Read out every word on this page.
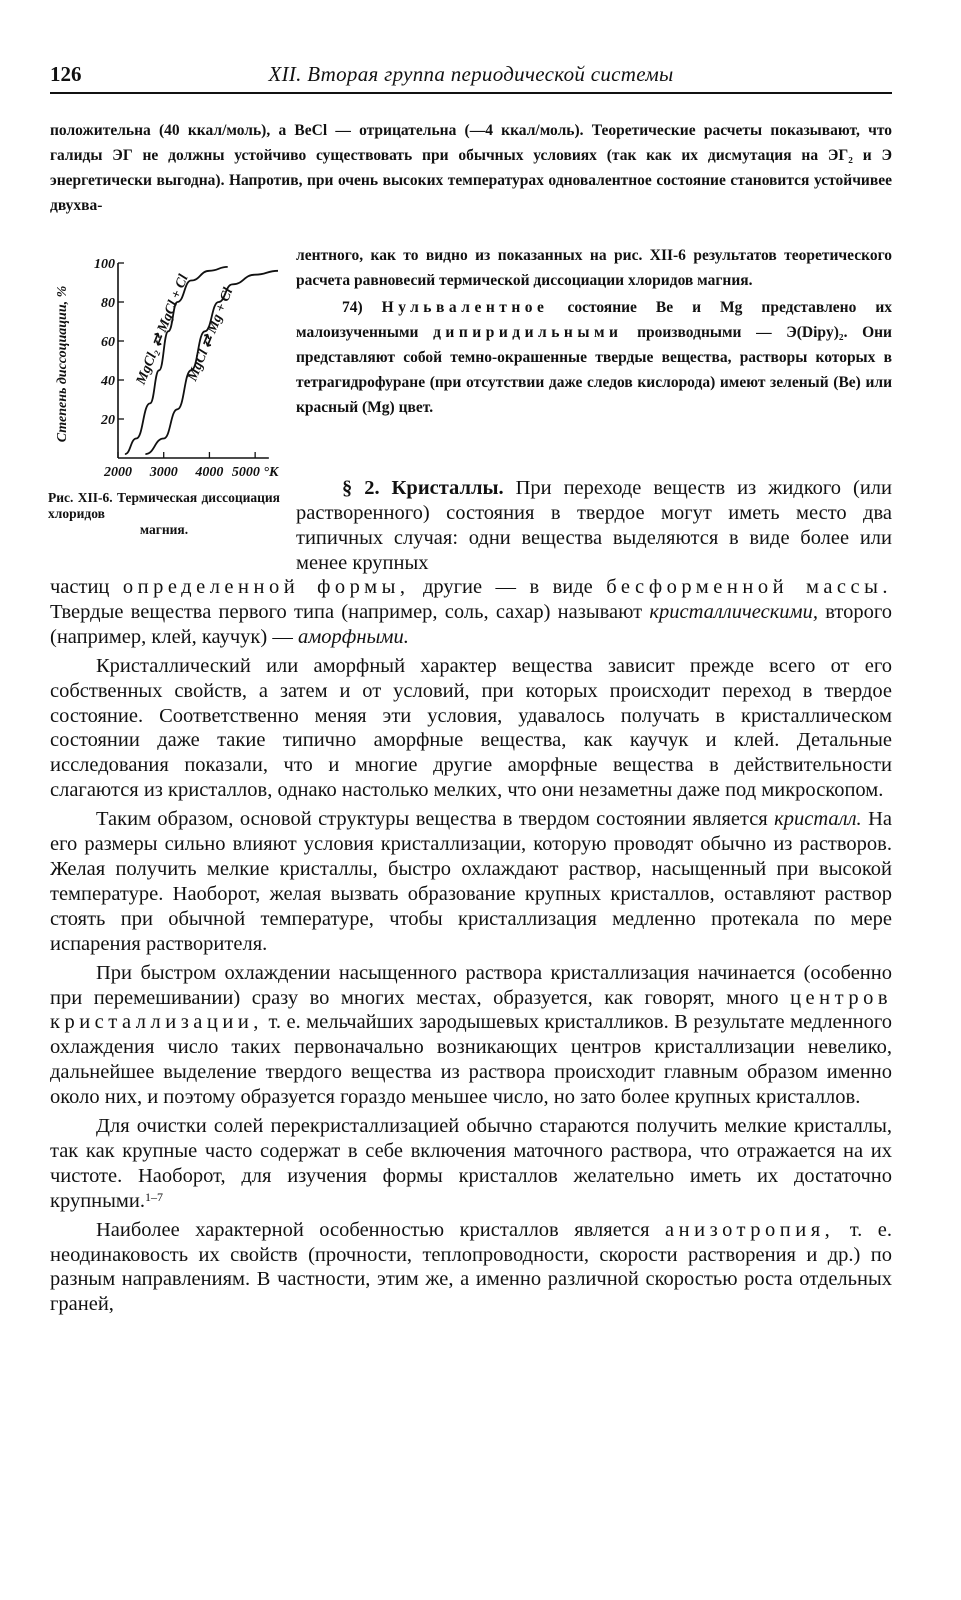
126	XII. Вторая группа периодической системы

положительна (40 ккал/моль), а BeCl — отрицательна (—4 ккал/моль). Теоретические расчеты показывают, что галиды ЭГ не должны устойчиво существовать при обычных условиях (так как их дисмутация на ЭГ₂ и Э энергетически выгодна). Напротив, при очень высоких температурах одновалентное состояние становится устойчивее двухва-

20
40
60
80
100
2000 3000 4000 5000 °К
Степень диссоциации, %	MgCl₂ ⇄ MgCl + Cl
MgCl ⇄ Mg + Cl
Рис. XII-6. Термическая диссоциация хлоридов
магния.

лентного, как то видно из показанных на рис. XII-6 результатов теоретического расчета равновесий термической диссоциации хлоридов магния.

74) Нульвалентное состояние Be и Mg представлено их малоизученными дипиридильными производными — Э(Dipy)₂. Они представляют собой темно-окрашенные твердые вещества, растворы которых в тетрагидрофуране (при отсутствии даже следов кислорода) имеют зеленый (Be) или красный (Mg) цвет.

§ 2. Кристаллы. При переходе веществ из жидкого (или растворенного) состояния в твердое могут иметь место два типичных случая: одни вещества выделяются в виде более или менее крупных

частиц определенной формы, другие — в виде бесформенной массы. Твердые вещества первого типа (например, соль, сахар) называют кристаллическими, второго (например, клей, каучук) — аморфными.

Кристаллический или аморфный характер вещества зависит прежде всего от его собственных свойств, а затем и от условий, при которых происходит переход в твердое состояние. Соответственно меняя эти условия, удавалось получать в кристаллическом состоянии даже такие типично аморфные вещества, как каучук и клей. Детальные исследования показали, что и многие другие аморфные вещества в действительности слагаются из кристаллов, однако настолько мелких, что они незаметны даже под микроскопом.

Таким образом, основой структуры вещества в твердом состоянии является кристалл. На его размеры сильно влияют условия кристаллизации, которую проводят обычно из растворов. Желая получить мелкие кристаллы, быстро охлаждают раствор, насыщенный при высокой температуре. Наоборот, желая вызвать образование крупных кристаллов, оставляют раствор стоять при обычной температуре, чтобы кристаллизация медленно протекала по мере испарения растворителя.

При быстром охлаждении насыщенного раствора кристаллизация начинается (особенно при перемешивании) сразу во многих местах, образуется, как говорят, много центров кристаллизации, т. е. мельчайших зародышевых кристалликов. В результате медленного охлаждения число таких первоначально возникающих центров кристаллизации невелико, дальнейшее выделение твердого вещества из раствора происходит главным образом именно около них, и поэтому образуется гораздо меньшее число, но зато более крупных кристаллов.

Для очистки солей перекристаллизацией обычно стараются получить мелкие кристаллы, так как крупные часто содержат в себе включения маточного раствора, что отражается на их чистоте. Наоборот, для изучения формы кристаллов желательно иметь их достаточно крупными.$^{1-7}$

Наиболее характерной особенностью кристаллов является анизотропия, т. е. неодинаковость их свойств (прочности, теплопроводности, скорости растворения и др.) по разным направлениям. В частности, этим же, а именно различной скоростью роста отдельных граней,
